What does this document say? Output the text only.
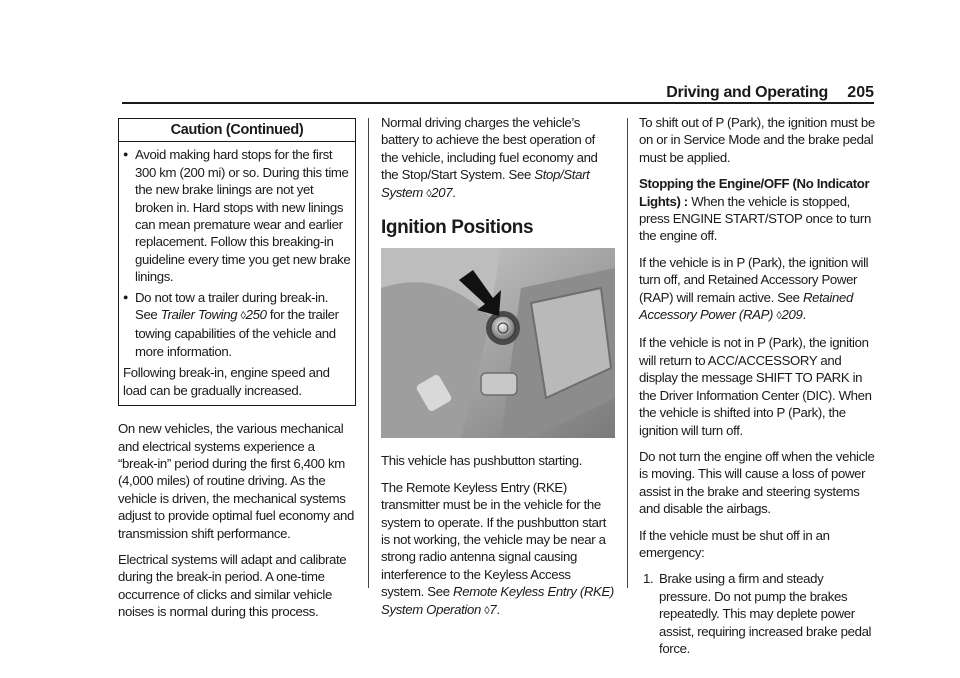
Driving and Operating 205
Caution (Continued)
● Avoid making hard stops for the first 300 km (200 mi) or so. During this time the new brake linings are not yet broken in. Hard stops with new linings can mean premature wear and earlier replacement. Follow this breaking-in guideline every time you get new brake linings.
● Do not tow a trailer during break-in. See Trailer Towing ◊250 for the trailer towing capabilities of the vehicle and more information.
Following break-in, engine speed and load can be gradually increased.

On new vehicles, the various mechanical and electrical systems experience a “break-in” period during the first 6,400 km (4,000 miles) of routine driving. As the vehicle is driven, the mechanical systems adjust to provide optimal fuel economy and transmission shift performance.

Electrical systems will adapt and calibrate during the break-in period. A one-time occurrence of clicks and similar vehicle noises is normal during this process.

Normal driving charges the vehicle’s battery to achieve the best operation of the vehicle, including fuel economy and the Stop/Start System. See Stop/Start System ◊207.

Ignition Positions

This vehicle has pushbutton starting.

The Remote Keyless Entry (RKE) transmitter must be in the vehicle for the system to operate. If the pushbutton start is not working, the vehicle may be near a strong radio antenna signal causing interference to the Keyless Access system. See Remote Keyless Entry (RKE) System Operation ◊7.

To shift out of P (Park), the ignition must be on or in Service Mode and the brake pedal must be applied.

Stopping the Engine/OFF (No Indicator Lights) : When the vehicle is stopped, press ENGINE START/STOP once to turn the engine off.

If the vehicle is in P (Park), the ignition will turn off, and Retained Accessory Power (RAP) will remain active. See Retained Accessory Power (RAP) ◊209.

If the vehicle is not in P (Park), the ignition will return to ACC/ACCESSORY and display the message SHIFT TO PARK in the Driver Information Center (DIC). When the vehicle is shifted into P (Park), the ignition will turn off.

Do not turn the engine off when the vehicle is moving. This will cause a loss of power assist in the brake and steering systems and disable the airbags.

If the vehicle must be shut off in an emergency:

1. Brake using a firm and steady pressure. Do not pump the brakes repeatedly. This may deplete power assist, requiring increased brake pedal force.
